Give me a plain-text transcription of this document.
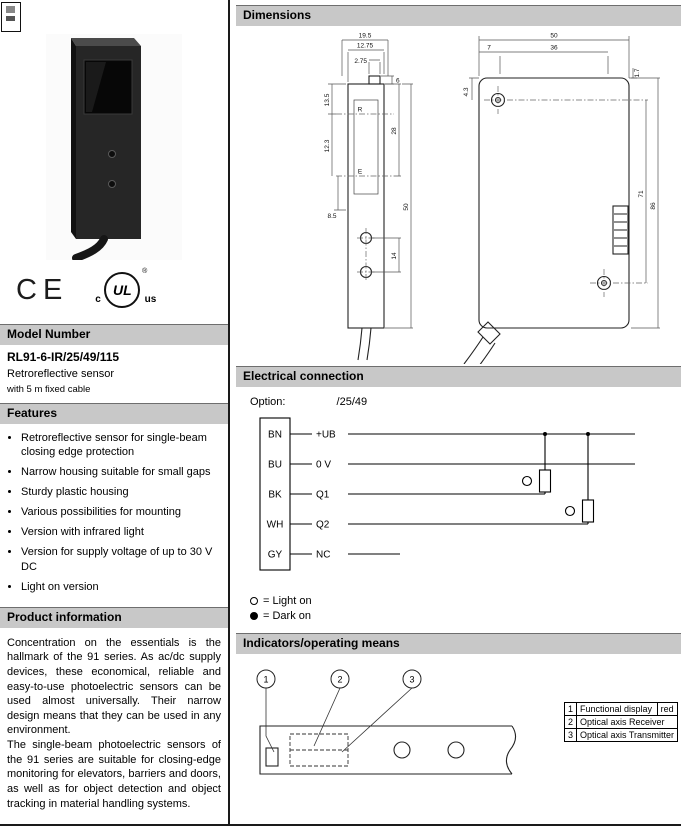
CE	c
UL
us
®
Model Number
RL91-6-IR/25/49/115
Retroreflective sensor
with 5 m fixed cable
Features
• Retroreflective sensor for single-beam closing edge protection
• Narrow housing suitable for small gaps
• Sturdy plastic housing
• Various possibilities for mounting
• Version with infrared light
• Version for supply voltage of up to 30 V DC
• Light on version
Product information

Concentration on the essentials is the hallmark of the 91 series. As ac/dc supply devices, these economical, reliable and easy-to-use photoelectric sensors can be used almost universally. Their narrow design means that they can be used in any environment.

The single-beam photoelectric sensors of the 91 series are suitable for closing-edge monitoring for elevators, barriers and doors, as well as for object detection and object tracking in material handling systems.

Dimensions
19.5
12.75
2.75
13.5
12.3
8.5
R
E
6
28
50
14
50
7	36
4.3
1.7
71
86
Electrical connection
Option:	/25/49
BN
BU
BK
WH
GY
+UB
0 V
Q1
Q2
NC
= Light on
= Dark on
Indicators/operating means
1	2	3
1	Functional display	red
2	Optical axis Receiver	
3	Optical axis Transmitter	
